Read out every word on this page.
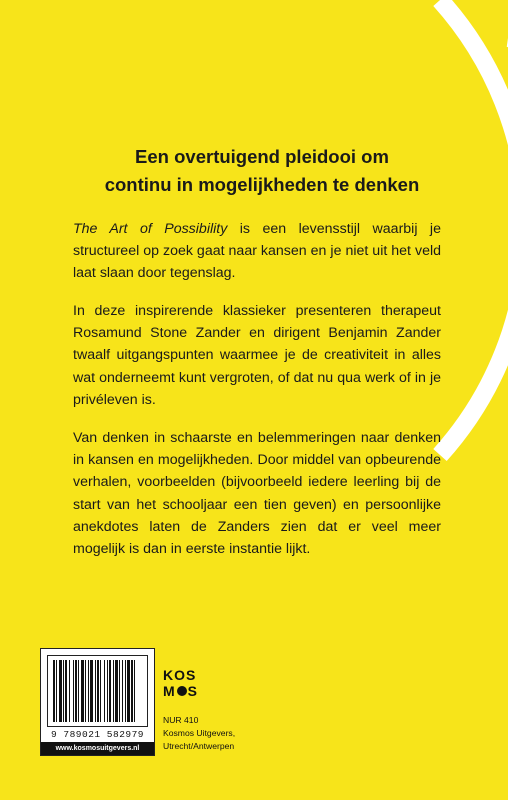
Een overtuigend pleidooi om
continu in mogelijkheden te denken
The Art of Possibility is een levensstijl waarbij je structureel op zoek gaat naar kansen en je niet uit het veld laat slaan door tegenslag.
In deze inspirerende klassieker presenteren therapeut Rosamund Stone Zander en dirigent Benjamin Zander twaalf uitgangspunten waarmee je de creativiteit in alles wat onderneemt kunt vergroten, of dat nu qua werk of in je privéleven is.
Van denken in schaarste en belemmeringen naar denken in kansen en mogelijkheden. Door middel van opbeurende verhalen, voorbeelden (bijvoorbeeld iedere leerling bij de start van het schooljaar een tien geven) en persoonlijke anekdotes laten de Zanders zien dat er veel meer mogelijk is dan in eerste instantie lijkt.
9 789021 582979
www.kosmosuitgevers.nl
KOS
M S
NUR 410
Kosmos Uitgevers,
Utrecht/Antwerpen
